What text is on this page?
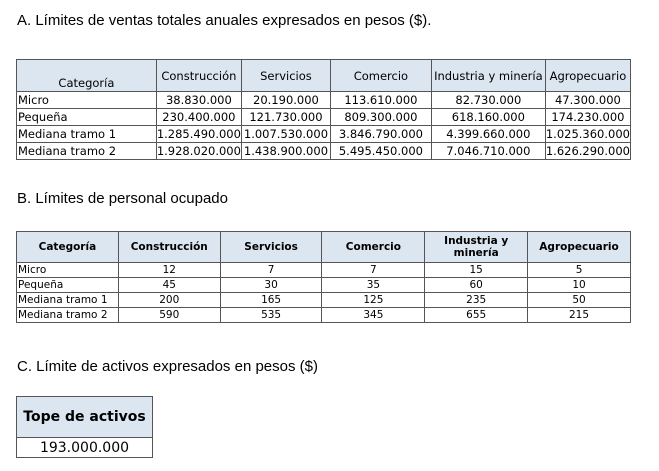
A. Límites de ventas totales anuales expresados en pesos ($).
Categoría	Construcción	Servicios	Comercio	Industria y minería	Agropecuario
Micro	38.830.000	20.190.000	113.610.000	82.730.000	47.300.000
Pequeña	230.400.000	121.730.000	809.300.000	618.160.000	174.230.000
Mediana tramo 1	1.285.490.000	1.007.530.000	3.846.790.000	4.399.660.000	1.025.360.000
Mediana tramo 2	1.928.020.000	1.438.900.000	5.495.450.000	7.046.710.000	1.626.290.000
B. Límites de personal ocupado
Categoría	Construcción	Servicios	Comercio	Industria y minería	Agropecuario
Micro	12	7	7	15	5
Pequeña	45	30	35	60	10
Mediana tramo 1	200	165	125	235	50
Mediana tramo 2	590	535	345	655	215
C. Límite de activos expresados en pesos ($)
Tope de activos
193.000.000
